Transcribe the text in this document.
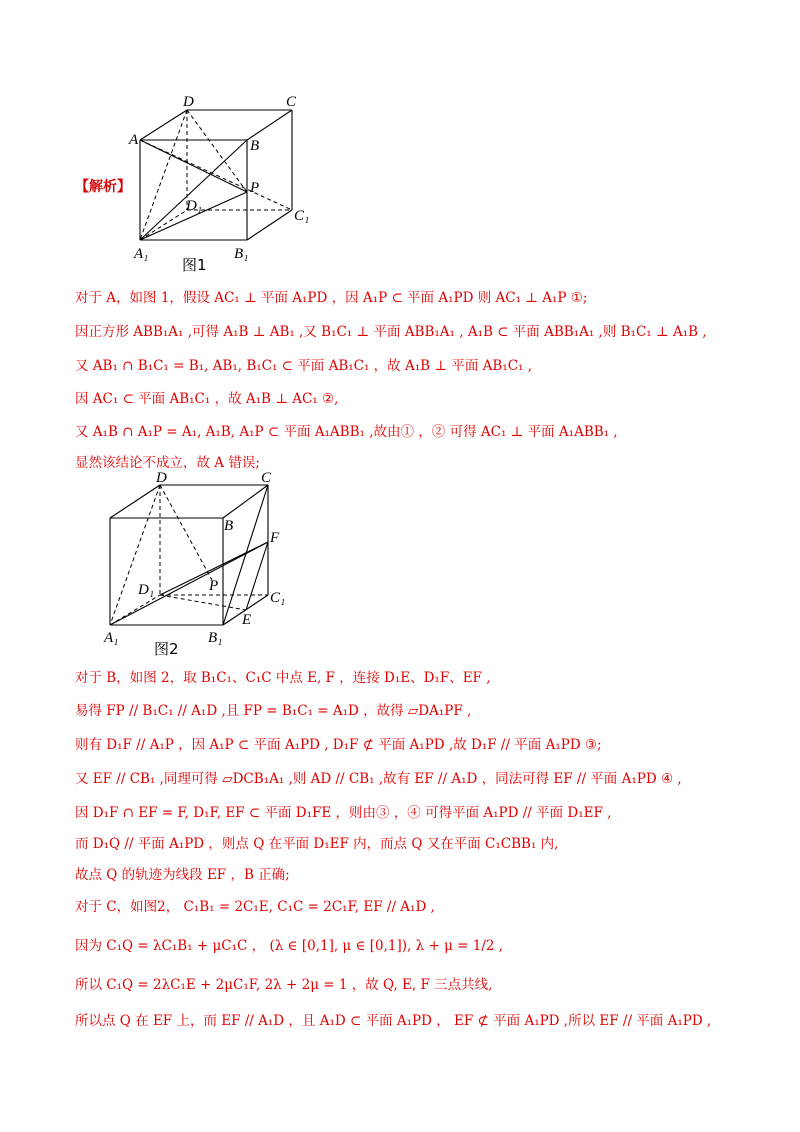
D	C
A	B
P
D₁
C₁
A₁	B₁
图1
【解析】
D	C
B
F
D₁	P
C₁
E
A₁	B₁
图2
对于 A，如图 1，假设 AC₁ ⊥ 平面 A₁PD ，因 A₁P ⊂ 平面 A₁PD 则 AC₁ ⊥ A₁P ①;
因正方形 ABB₁A₁ ,可得 A₁B ⊥ AB₁ ,又 B₁C₁ ⊥ 平面 ABB₁A₁ , A₁B ⊂ 平面 ABB₁A₁ ,则 B₁C₁ ⊥ A₁B ,
又 AB₁ ∩ B₁C₁ = B₁, AB₁, B₁C₁ ⊂ 平面 AB₁C₁ ，故 A₁B ⊥ 平面 AB₁C₁ ,
因 AC₁ ⊂ 平面 AB₁C₁ ，故 A₁B ⊥ AC₁ ②,
又 A₁B ∩ A₁P = A₁, A₁B, A₁P ⊂ 平面 A₁ABB₁ ,故由① ，② 可得 AC₁ ⊥ 平面 A₁ABB₁ ,
显然该结论不成立，故 A 错误;
对于 B，如图 2，取 B₁C₁、C₁C 中点 E, F ，连接 D₁E、D₁F、EF ,
易得 FP // B₁C₁ // A₁D ,且 FP = B₁C₁ = A₁D ，故得 ▱DA₁PF ,
则有 D₁F // A₁P ，因 A₁P ⊂ 平面 A₁PD , D₁F ⊄ 平面 A₁PD ,故 D₁F // 平面 A₁PD ③;
又 EF // CB₁ ,同理可得 ▱DCB₁A₁ ,则 AD // CB₁ ,故有 EF // A₁D ，同法可得 EF // 平面 A₁PD ④ ,
因 D₁F ∩ EF = F, D₁F, EF ⊂ 平面 D₁FE ，则由③ ，④ 可得平面 A₁PD // 平面 D₁EF ,
而 D₁Q // 平面 A₁PD ，则点 Q 在平面 D₁EF 内，而点 Q 又在平面 C₁CBB₁ 内,
故点 Q 的轨迹为线段 EF ，B 正确;
对于 C，如图2， C₁B₁ = 2C₁E, C₁C = 2C₁F, EF // A₁D ,
因为 C₁Q = λC₁B₁ + μC₁C ， (λ ∈ [0,1], μ ∈ [0,1]), λ + μ = 1/2 ,
所以 C₁Q = 2λC₁E + 2μC₁F, 2λ + 2μ = 1 ，故 Q, E, F 三点共线,
所以点 Q 在 EF 上，而 EF // A₁D ，且 A₁D ⊂ 平面 A₁PD ， EF ⊄ 平面 A₁PD ,所以 EF // 平面 A₁PD ,
